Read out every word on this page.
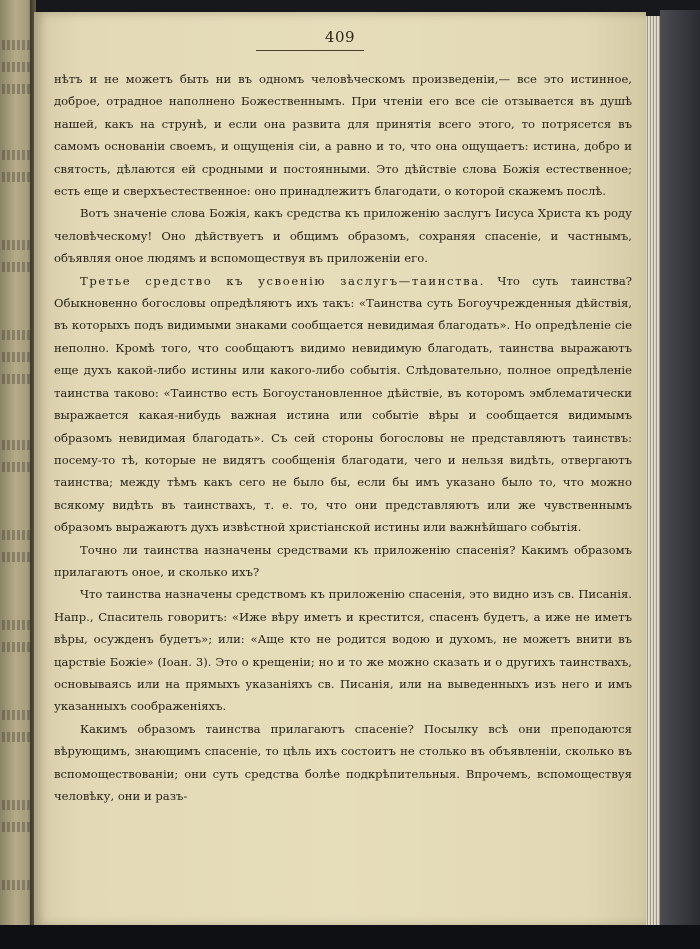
409

нѣтъ и не можетъ быть ни въ одномъ человѣческомъ произведенiи,— все это истинное, доброе, отрадное наполнено Божественнымъ. При чтенiи его все сiе отзывается въ душѣ нашей, какъ на струнѣ, и если она развита для принятiя всего этого, то потрясется въ самомъ основанiи своемъ, и ощущенiя сiи, а равно и то, что она ощущаетъ: истина, добро и святость, дѣлаются ей сродными и постоянными. Это дѣйствiе слова Божiя естественное; есть еще и сверхъестественное: оно принадлежитъ благодати, о которой скажемъ послѣ.

Вотъ значенiе слова Божiя, какъ средства къ приложенiю заслугъ Iисуса Христа къ роду человѣческому! Оно дѣйствуетъ и общимъ образомъ, сохраняя спасенiе, и частнымъ, объявляя оное людямъ и вспомоществуя въ приложенiи его.

Третье средство къ усвоенiю заслугъ—таинства. Что суть таинства? Обыкновенно богословы опредѣляютъ ихъ такъ: «Таинства суть Богоучрежденныя дѣйствiя, въ которыхъ подъ видимыми знаками сообщается невидимая благодать». Но опредѣленiе сiе неполно. Кромѣ того, что сообщаютъ видимо невидимую благодать, таинства выражаютъ еще духъ какой-либо истины или какого-либо событiя. Слѣдовательно, полное опредѣленiе таинства таково: «Таинство есть Богоустановленное дѣйствiе, въ которомъ эмблематически выражается какая-нибудь важная истина или событiе вѣры и сообщается видимымъ образомъ невидимая благодать». Съ сей стороны богословы не представляютъ таинствъ: посему-то тѣ, которые не видятъ сообщенiя благодати, чего и нельзя видѣть, отвергаютъ таинства; между тѣмъ какъ сего не было бы, если бы имъ указано было то, что можно всякому видѣть въ таинствахъ, т. е. то, что они представляютъ или же чувственнымъ образомъ выражаютъ духъ извѣстной христiанской истины или важнѣйшаго событiя.

Точно ли таинства назначены средствами къ приложенiю спасенiя? Какимъ образомъ прилагаютъ оное, и сколько ихъ?

Что таинства назначены средствомъ къ приложенiю спасенiя, это видно изъ св. Писанiя. Напр., Спаситель говоритъ: «Иже вѣру иметъ и крестится, спасенъ будетъ, а иже не иметъ вѣры, осужденъ будетъ»; или: «Аще кто не родится водою и духомъ, не можетъ внити въ царствiе Божiе» (Iоан. 3). Это о крещенiи; но и то же можно сказать и о другихъ таинствахъ, основываясь или на прямыхъ указанiяхъ св. Писанiя, или на выведенныхъ изъ него и имъ указанныхъ соображенiяхъ.

Какимъ образомъ таинства прилагаютъ спасенiе? Посылку всѣ они преподаются вѣрующимъ, знающимъ спасенiе, то цѣль ихъ состоитъ не столько въ объявленiи, сколько въ вспомоществованiи; они суть средства болѣе подкрѣпительныя. Впрочемъ, вспомоществуя человѣку, они и разъ-
